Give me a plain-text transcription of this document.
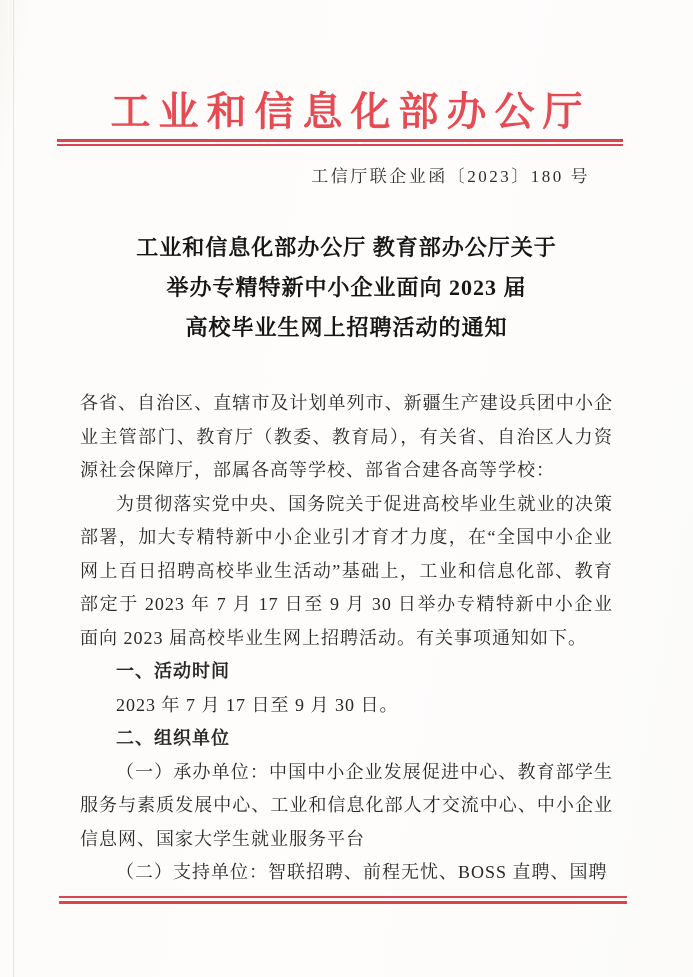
工业和信息化部办公厅
工信厅联企业函〔2023〕180 号
工业和信息化部办公厅 教育部办公厅关于
举办专精特新中小企业面向 2023 届
高校毕业生网上招聘活动的通知

各省、自治区、直辖市及计划单列市、新疆生产建设兵团中小企业主管部门、教育厅（教委、教育局），有关省、自治区人力资源社会保障厅，部属各高等学校、部省合建各高等学校：

为贯彻落实党中央、国务院关于促进高校毕业生就业的决策部署，加大专精特新中小企业引才育才力度，在“全国中小企业网上百日招聘高校毕业生活动”基础上，工业和信息化部、教育部定于 2023 年 7 月 17 日至 9 月 30 日举办专精特新中小企业面向 2023 届高校毕业生网上招聘活动。有关事项通知如下。

一、活动时间

2023 年 7 月 17 日至 9 月 30 日。

二、组织单位

（一）承办单位：中国中小企业发展促进中心、教育部学生服务与素质发展中心、工业和信息化部人才交流中心、中小企业信息网、国家大学生就业服务平台

（二）支持单位：智联招聘、前程无忧、BOSS 直聘、国聘
